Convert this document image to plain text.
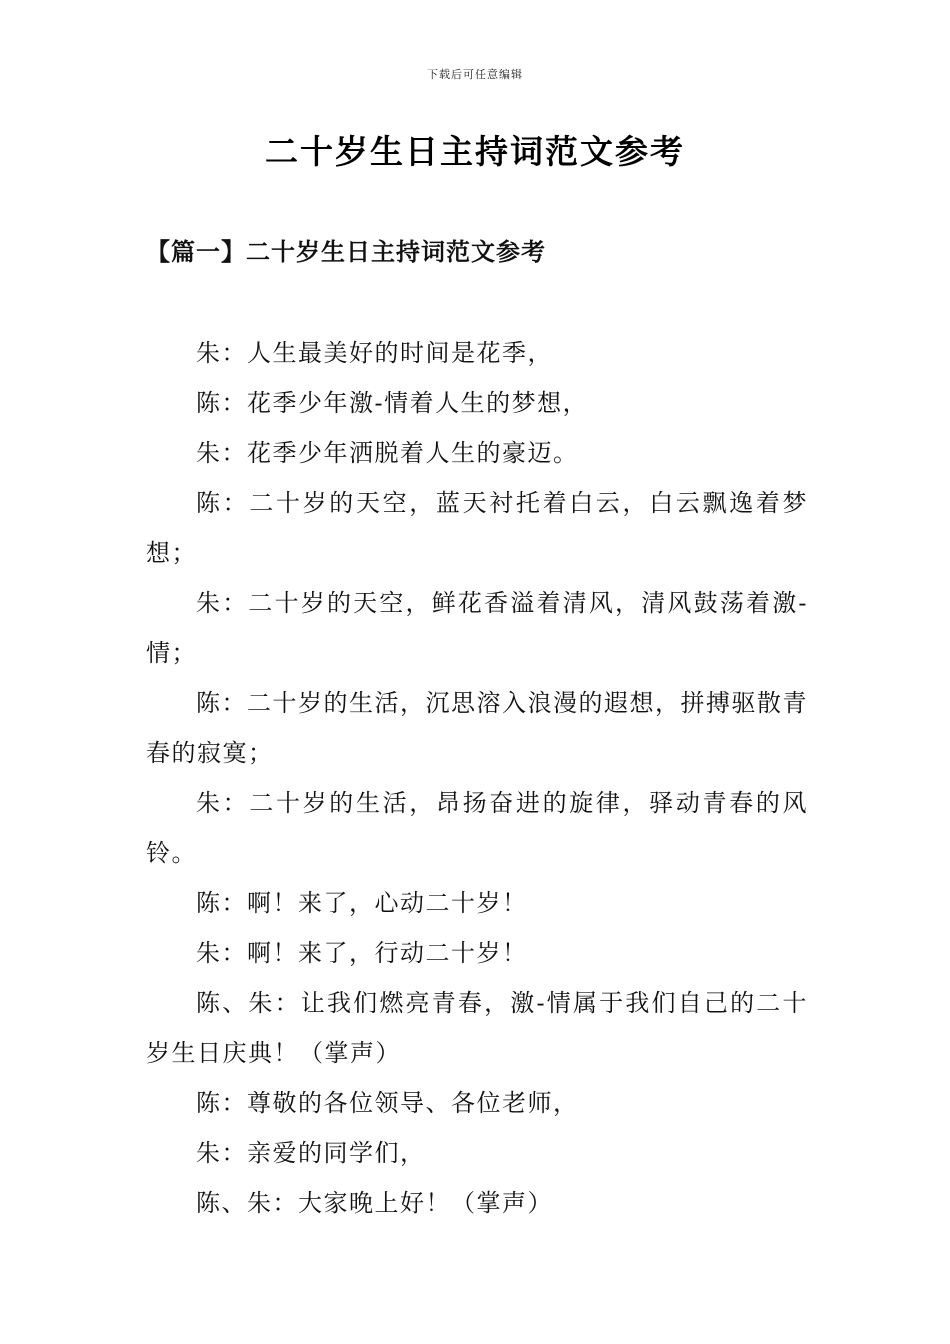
下载后可任意编辑
二十岁生日主持词范文参考
【篇一】二十岁生日主持词范文参考

朱：人生最美好的时间是花季，

陈：花季少年激-情着人生的梦想，

朱：花季少年洒脱着人生的豪迈。

陈：二十岁的天空，蓝天衬托着白云，白云飘逸着梦想；

朱：二十岁的天空，鲜花香溢着清风，清风鼓荡着激-情；

陈：二十岁的生活，沉思溶入浪漫的遐想，拼搏驱散青春的寂寞；

朱：二十岁的生活，昂扬奋进的旋律，驿动青春的风铃。

陈：啊！来了，心动二十岁！

朱：啊！来了，行动二十岁！

陈、朱：让我们燃亮青春，激-情属于我们自己的二十岁生日庆典！（掌声）

陈：尊敬的各位领导、各位老师，

朱：亲爱的同学们，

陈、朱：大家晚上好！（掌声）
